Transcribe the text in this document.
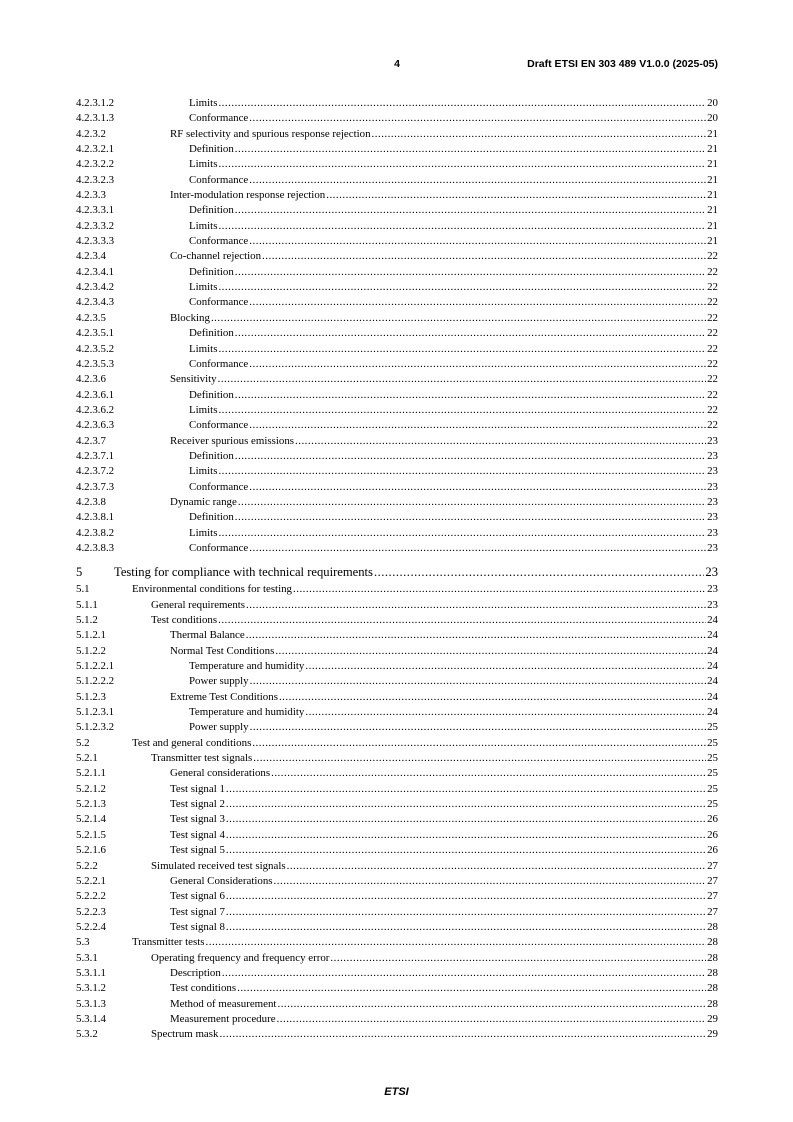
4	Draft ETSI EN 303 489 V1.0.0 (2025-05)
4.2.3.1.2	Limits .....	20
4.2.3.1.3	Conformance .....	20
4.2.3.2	RF selectivity and spurious response rejection .....	21
4.2.3.2.1	Definition .....	21
4.2.3.2.2	Limits .....	21
4.2.3.2.3	Conformance .....	21
4.2.3.3	Inter-modulation response rejection .....	21
4.2.3.3.1	Definition .....	21
4.2.3.3.2	Limits .....	21
4.2.3.3.3	Conformance .....	21
4.2.3.4	Co-channel rejection .....	22
4.2.3.4.1	Definition .....	22
4.2.3.4.2	Limits .....	22
4.2.3.4.3	Conformance .....	22
4.2.3.5	Blocking .....	22
4.2.3.5.1	Definition .....	22
4.2.3.5.2	Limits .....	22
4.2.3.5.3	Conformance .....	22
4.2.3.6	Sensitivity .....	22
4.2.3.6.1	Definition .....	22
4.2.3.6.2	Limits .....	22
4.2.3.6.3	Conformance .....	22
4.2.3.7	Receiver spurious emissions .....	23
4.2.3.7.1	Definition .....	23
4.2.3.7.2	Limits .....	23
4.2.3.7.3	Conformance .....	23
4.2.3.8	Dynamic range .....	23
4.2.3.8.1	Definition .....	23
4.2.3.8.2	Limits .....	23
4.2.3.8.3	Conformance .....	23
5	Testing for compliance with technical requirements .....	23
5.1	Environmental conditions for testing .....	23
5.1.1	General requirements .....	23
5.1.2	Test conditions .....	24
5.1.2.1	Thermal Balance .....	24
5.1.2.2	Normal Test Conditions .....	24
5.1.2.2.1	Temperature and humidity .....	24
5.1.2.2.2	Power supply .....	24
5.1.2.3	Extreme Test Conditions .....	24
5.1.2.3.1	Temperature and humidity .....	24
5.1.2.3.2	Power supply .....	25
5.2	Test and general conditions .....	25
5.2.1	Transmitter test signals .....	25
5.2.1.1	General considerations .....	25
5.2.1.2	Test signal 1 .....	25
5.2.1.3	Test signal 2 .....	25
5.2.1.4	Test signal 3 .....	26
5.2.1.5	Test signal 4 .....	26
5.2.1.6	Test signal 5 .....	26
5.2.2	Simulated received test signals .....	27
5.2.2.1	General Considerations .....	27
5.2.2.2	Test signal 6 .....	27
5.2.2.3	Test signal 7 .....	27
5.2.2.4	Test signal 8 .....	28
5.3	Transmitter tests .....	28
5.3.1	Operating frequency and frequency error .....	28
5.3.1.1	Description .....	28
5.3.1.2	Test conditions .....	28
5.3.1.3	Method of measurement .....	28
5.3.1.4	Measurement procedure .....	29
5.3.2	Spectrum mask .....	29
ETSI
